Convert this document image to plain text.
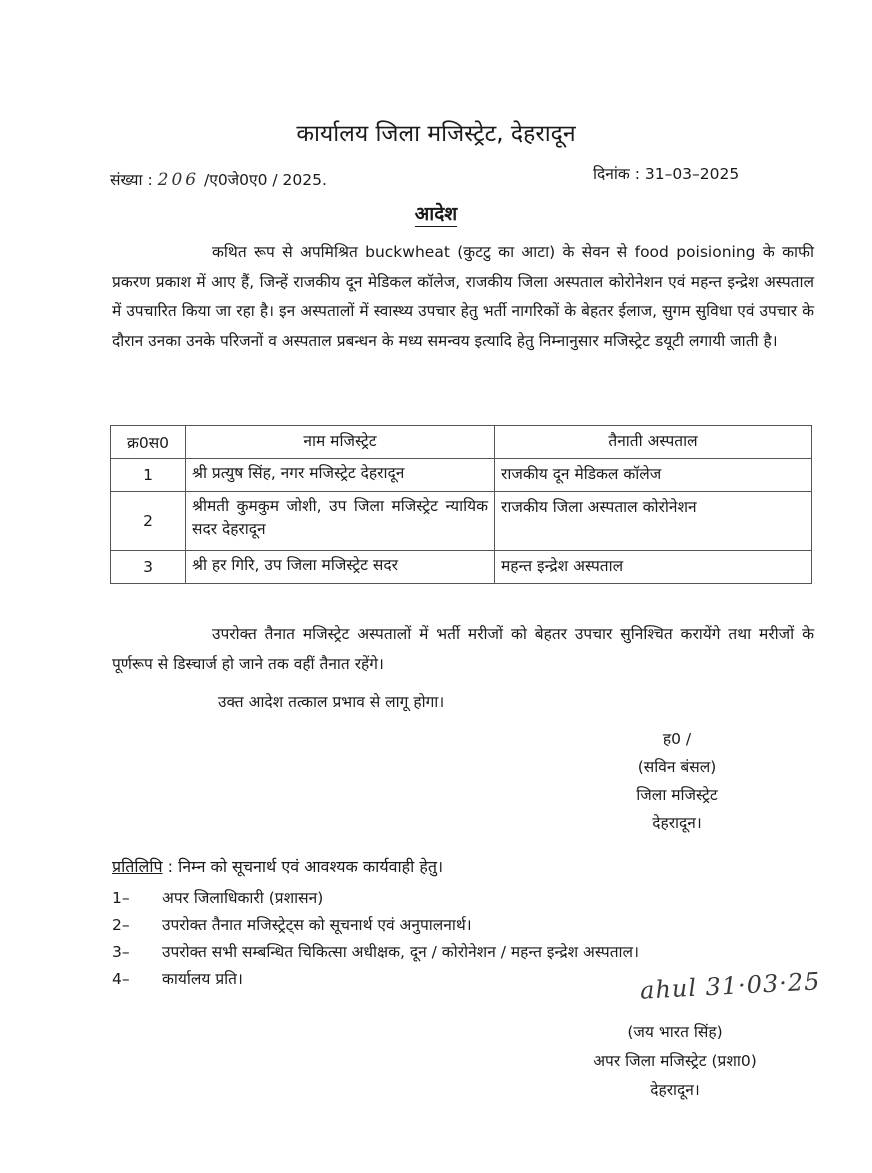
कार्यालय जिला मजिस्ट्रेट, देहरादून
संख्या : 206 /ए0जे0ए0 / 2025.	दिनांक : 31–03–2025
आदेश
कथित रूप से अपमिश्रित buckwheat (कुटटु का आटा) के सेवन से food poisioning के काफी प्रकरण प्रकाश में आए हैं, जिन्हें राजकीय दून मेडिकल कॉलेज, राजकीय जिला अस्पताल कोरोनेशन एवं महन्त इन्द्रेश अस्पताल में उपचारित किया जा रहा है। इन अस्पतालों में स्वास्थ्य उपचार हेतु भर्ती नागरिकों के बेहतर ईलाज, सुगम सुविधा एवं उपचार के दौरान उनका उनके परिजनों व अस्पताल प्रबन्धन के मध्य समन्वय इत्यादि हेतु निम्नानुसार मजिस्ट्रेट डयूटी लगायी जाती है।
क्र0स0	नाम मजिस्ट्रेट	तैनाती अस्पताल
1	श्री प्रत्युष सिंह, नगर मजिस्ट्रेट देहरादून	राजकीय दून मेडिकल कॉलेज
2	श्रीमती कुमकुम जोशी, उप जिला मजिस्ट्रेट न्यायिक सदर देहरादून	राजकीय जिला अस्पताल कोरोनेशन
3	श्री हर गिरि, उप जिला मजिस्ट्रेट सदर	महन्त इन्द्रेश अस्पताल
उपरोक्त तैनात मजिस्ट्रेट अस्पतालों में भर्ती मरीजों को बेहतर उपचार सुनिश्चित करायेंगे तथा मरीजों के पूर्णरूप से डिस्चार्ज हो जाने तक वहीं तैनात रहेंगे।
उक्त आदेश तत्काल प्रभाव से लागू होगा।
ह0 /
(सविन बंसल)
जिला मजिस्ट्रेट
देहरादून।
प्रतिलिपि : निम्न को सूचनार्थ एवं आवश्यक कार्यवाही हेतु।
1– अपर जिलाधिकारी (प्रशासन)
2– उपरोक्त तैनात मजिस्ट्रेट्स को सूचनार्थ एवं अनुपालनार्थ।
3– उपरोक्त सभी सम्बन्धित चिकित्सा अधीक्षक, दून / कोरोनेशन / महन्त इन्द्रेश अस्पताल।
4– कार्यालय प्रति।	ahul 31·03·25
(जय भारत सिंह)
अपर जिला मजिस्ट्रेट (प्रशा0)
देहरादून।
